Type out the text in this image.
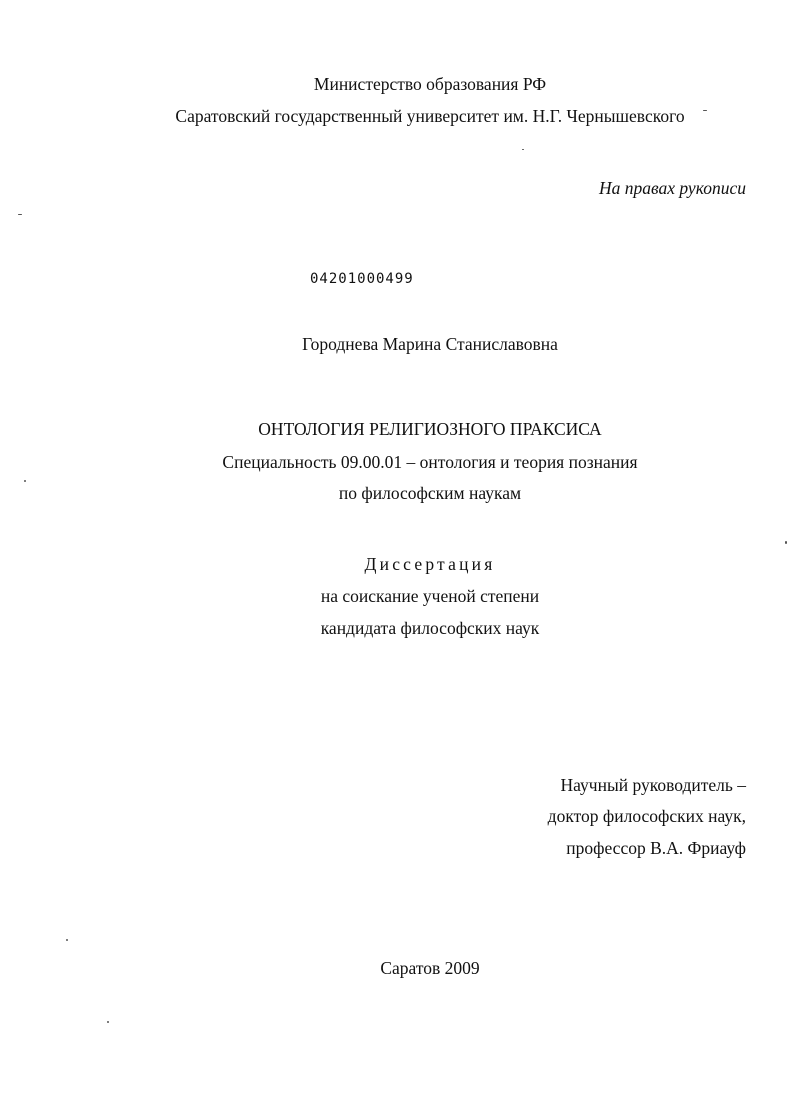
Министерство образования РФ
Саратовский государственный университет им. Н.Г. Чернышевского
На правах рукописи
04201000499
Городнева Марина Станиславовна
ОНТОЛОГИЯ РЕЛИГИОЗНОГО ПРАКСИСА
Специальность 09.00.01 – онтология и теория познания
по философским наукам
Диссертация
на соискание ученой степени
кандидата философских наук
Научный руководитель –
доктор философских наук,
профессор В.А. Фриауф
Саратов 2009
